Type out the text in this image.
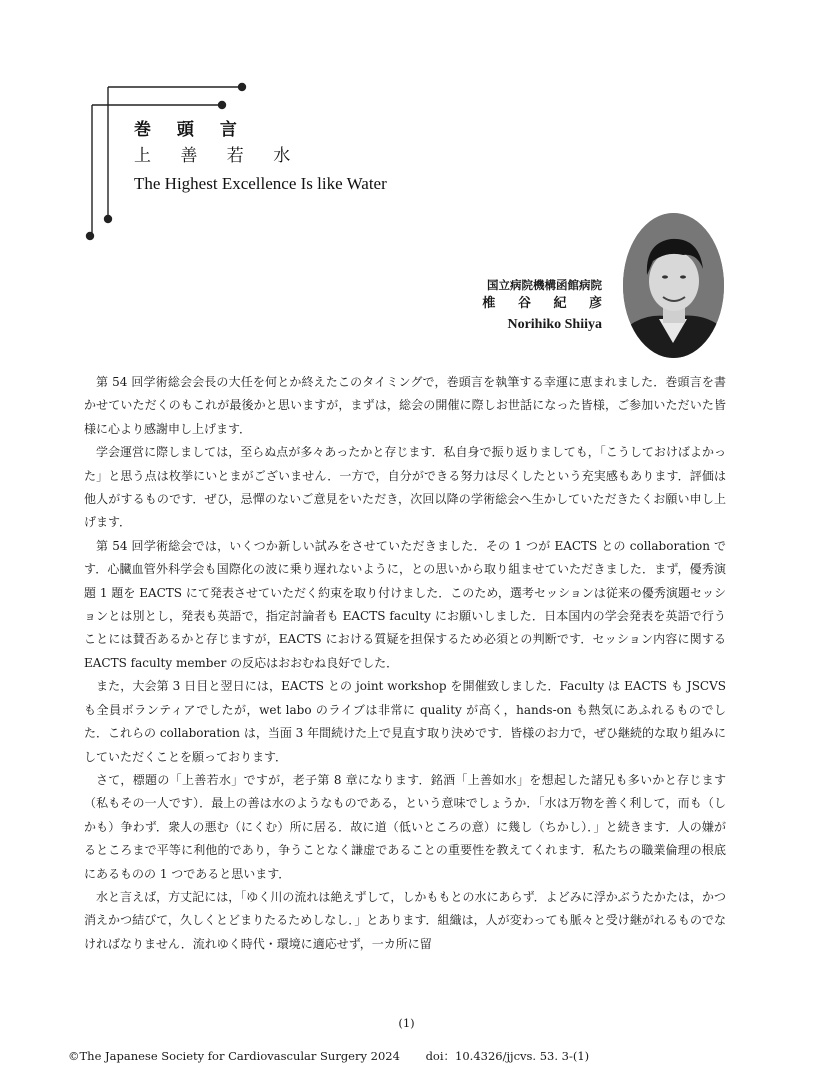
巻 頭 言
上 善 若 水
The Highest Excellence Is like Water
国立病院機構函館病院
椎 谷 紀 彦
Norihiko Shiiya

第 54 回学術総会会長の大任を何とか終えたこのタイミングで，巻頭言を執筆する幸運に恵まれました．巻頭言を書かせていただくのもこれが最後かと思いますが，まずは，総会の開催に際しお世話になった皆様，ご参加いただいた皆様に心より感謝申し上げます．

学会運営に際しましては，至らぬ点が多々あったかと存じます．私自身で振り返りましても，「こうしておけばよかった」と思う点は枚挙にいとまがございません．一方で，自分ができる努力は尽くしたという充実感もあります．評価は他人がするものです．ぜひ，忌憚のないご意見をいただき，次回以降の学術総会へ生かしていただきたくお願い申し上げます．

第 54 回学術総会では，いくつか新しい試みをさせていただきました．その 1 つが EACTS との collaboration です．心臓血管外科学会も国際化の波に乗り遅れないように，との思いから取り組ませていただきました．まず，優秀演題 1 題を EACTS にて発表させていただく約束を取り付けました．このため，選考セッションは従来の優秀演題セッションとは別とし，発表も英語で，指定討論者も EACTS faculty にお願いしました．日本国内の学会発表を英語で行うことには賛否あるかと存じますが，EACTS における質疑を担保するため必須との判断です．セッション内容に関する EACTS faculty member の反応はおおむね良好でした．

また，大会第 3 日目と翌日には，EACTS との joint workshop を開催致しました．Faculty は EACTS も JSCVS も全員ボランティアでしたが，wet labo のライブは非常に quality が高く，hands-on も熱気にあふれるものでした．これらの collaboration は，当面 3 年間続けた上で見直す取り決めです．皆様のお力で，ぜひ継続的な取り組みにしていただくことを願っております．

さて，標題の「上善若水」ですが，老子第 8 章になります．銘酒「上善如水」を想起した諸兄も多いかと存じます（私もその一人です）．最上の善は水のようなものである，という意味でしょうか．「水は万物を善く利して，而も（しかも）争わず．衆人の悪む（にくむ）所に居る．故に道（低いところの意）に幾し（ちかし）．」と続きます．人の嫌がるところまで平等に利他的であり，争うことなく謙虚であることの重要性を教えてくれます．私たちの職業倫理の根底にあるものの 1 つであると思います．

水と言えば，方丈記には，「ゆく川の流れは絶えずして，しかももとの水にあらず．よどみに浮かぶうたかたは，かつ消えかつ結びて，久しくとどまりたるためしなし．」とあります．組織は，人が変わっても脈々と受け継がれるものでなければなりません．流れゆく時代・環境に適応せず，一カ所に留

(1)
©The Japanese Society for Cardiovascular Surgery 2024 doi：10.4326/jjcvs. 53. 3-(1)
